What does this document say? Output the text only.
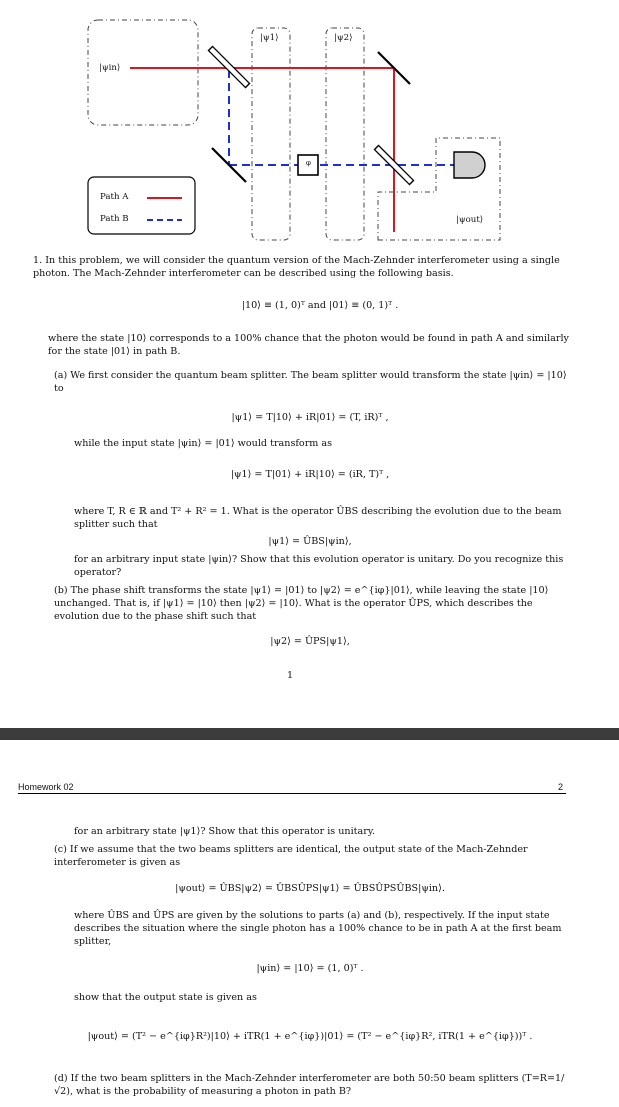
|ψin⟩
|ψ1⟩	|ψ2⟩
φ
|ψout⟩
Path A
Path B
1. In this problem, we will consider the quantum version of the Mach-Zehnder interferometer using a single photon. The Mach-Zehnder interferometer can be described using the following basis.
|10⟩ ≡ (1, 0)ᵀ and |01⟩ ≡ (0, 1)ᵀ .
where the state |10⟩ corresponds to a 100% chance that the photon would be found in path A and similarly for the state |01⟩ in path B.
(a) We first consider the quantum beam splitter. The beam splitter would transform the state |ψin⟩ = |10⟩ to
|ψ1⟩ = T|10⟩ + iR|01⟩ = (T, iR)ᵀ ,
while the input state |ψin⟩ = |01⟩ would transform as
|ψ1⟩ = T|01⟩ + iR|10⟩ = (iR, T)ᵀ ,
where T, R ∈ ℝ and T² + R² = 1. What is the operator ÛBS describing the evolution due to the beam splitter such that
|ψ1⟩ = ÛBS|ψin⟩,
for an arbitrary input state |ψin⟩? Show that this evolution operator is unitary. Do you recognize this operator?
(b) The phase shift transforms the state |ψ1⟩ = |01⟩ to |ψ2⟩ = e^{iφ}|01⟩, while leaving the state |10⟩ unchanged. That is, if |ψ1⟩ = |10⟩ then |ψ2⟩ = |10⟩. What is the operator ÛPS, which describes the evolution due to the phase shift such that
|ψ2⟩ = ÛPS|ψ1⟩,
1
Homework 02	2
for an arbitrary state |ψ1⟩? Show that this operator is unitary.
(c) If we assume that the two beams splitters are identical, the output state of the Mach-Zehnder interferometer is given as
|ψout⟩ = ÛBS|ψ2⟩ = ÛBSÛPS|ψ1⟩ = ÛBSÛPSÛBS|ψin⟩.
where ÛBS and ÛPS are given by the solutions to parts (a) and (b), respectively. If the input state describes the situation where the single photon has a 100% chance to be in path A at the first beam splitter,
|ψin⟩ = |10⟩ = (1, 0)ᵀ .
show that the output state is given as
|ψout⟩ = (T² − e^{iφ}R²)|10⟩ + iTR(1 + e^{iφ})|01⟩ = (T² − e^{iφ}R², iTR(1 + e^{iφ}))ᵀ .
(d) If the two beam splitters in the Mach-Zehnder interferometer are both 50:50 beam splitters (T=R=1/√2), what is the probability of measuring a photon in path B?
